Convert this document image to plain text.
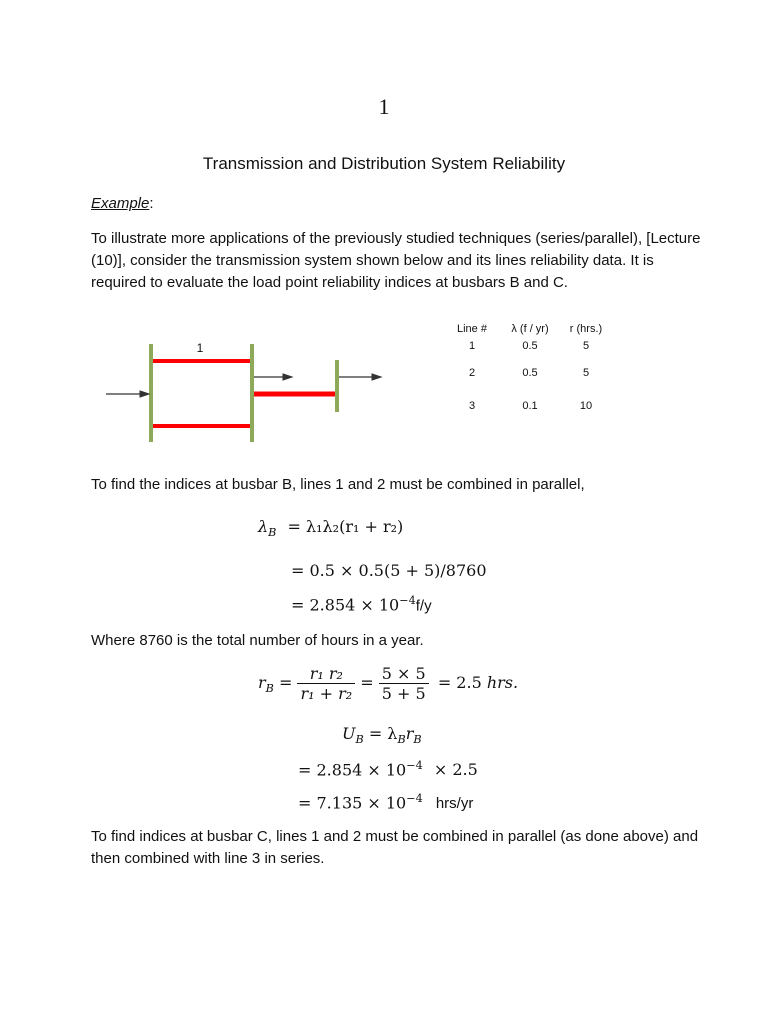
1
Transmission and Distribution System Reliability
Example:
To illustrate more applications of the previously studied techniques (series/parallel), [Lecture (10)], consider the transmission system shown below and its lines reliability data. It is required to evaluate the load point reliability indices at busbars B and C.
1
Line #	λ (f / yr)	r (hrs.)
1	0.5	5
2	0.5	5
3	0.1	10
To find the indices at busbar B, lines 1 and 2 must be combined in parallel,
$\lambda_B = \lambda_1\lambda_2(r_1 + r_2)$
= 0.5 × 0.5(5 + 5)/8760
= $2.854 \times 10^{-4}f/y$
Where 8760 is the total number of hours in a year.
$r_B = \frac{\text{r₁ r₂}}{\text{r₁ + r₂}} = \frac{5 \times 5}{5 + 5} = 2.5$ hrs.
$U_B = \lambda_Br_B$
= $2.854 \times 10^{-4} \times 2.5$
= $7.135 \times 10^{-4}$ hrs/yr
To find indices at busbar C, lines 1 and 2 must be combined in parallel (as done above) and then combined with line 3 in series.
